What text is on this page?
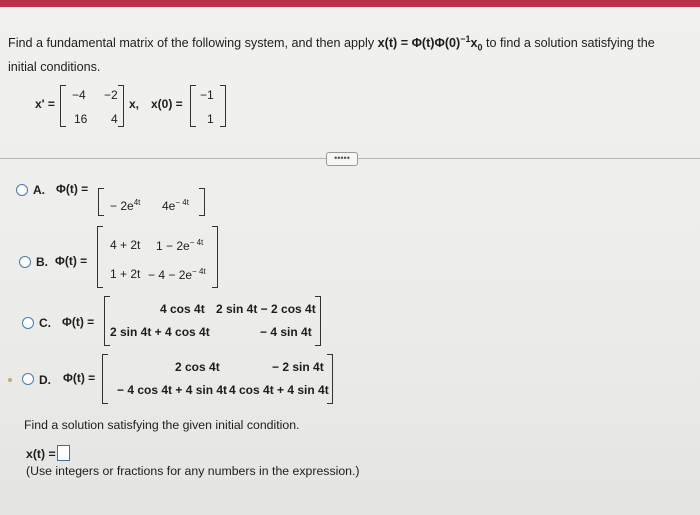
Find a fundamental matrix of the following system, and then apply $x(t) = \Phi(t)\Phi(0)^{-1}x_0$ to find a solution satisfying the
initial conditions.
x' =
−4 −2
16 4
x, x(0) =
−1
1
•••••
A. Φ(t) =
− $2e^{4t}$ $4e^{- 4t}$
B. Φ(t) =
4 + 2t $1 - 2e^{- 4t}$
$1 + 2t - 4 - 2e^{- 4t}$
C. Φ(t) =
4 cos 4t 2 sin 4t − 2 cos 4t
2 sin 4t + 4 cos 4t	− 4 sin 4t
D. Φ(t) =
2 cos 4t	− 2 sin 4t
− 4 cos 4t + 4 sin 4t 4 cos 4t + 4 sin 4t
Find a solution satisfying the given initial condition.
x(t) =
(Use integers or fractions for any numbers in the expression.)
